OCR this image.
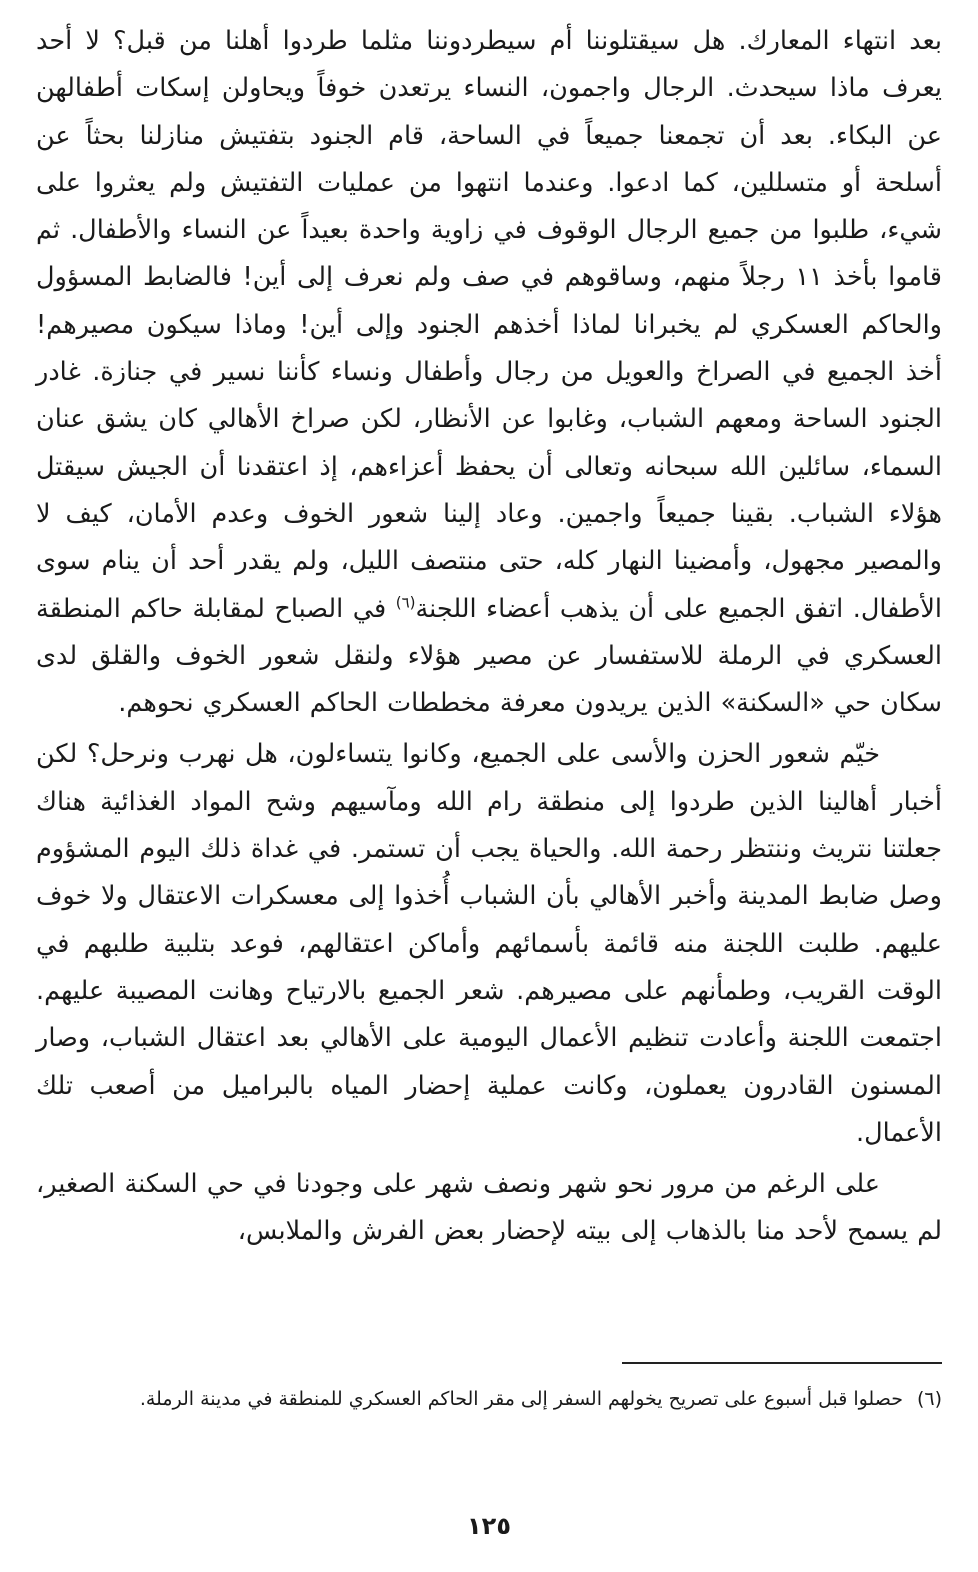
بعد انتهاء المعارك. هل سيقتلوننا أم سيطردوننا مثلما طردوا أهلنا من قبل؟ لا أحد يعرف ماذا سيحدث. الرجال واجمون، النساء يرتعدن خوفاً ويحاولن إسكات أطفالهن عن البكاء. بعد أن تجمعنا جميعاً في الساحة، قام الجنود بتفتيش منازلنا بحثاً عن أسلحة أو متسللين، كما ادعوا. وعندما انتهوا من عمليات التفتيش ولم يعثروا على شيء، طلبوا من جميع الرجال الوقوف في زاوية واحدة بعيداً عن النساء والأطفال. ثم قاموا بأخذ ١١ رجلاً منهم، وساقوهم في صف ولم نعرف إلى أين! فالضابط المسؤول والحاكم العسكري لم يخبرانا لماذا أخذهم الجنود وإلى أين! وماذا سيكون مصيرهم! أخذ الجميع في الصراخ والعويل من رجال وأطفال ونساء كأننا نسير في جنازة. غادر الجنود الساحة ومعهم الشباب، وغابوا عن الأنظار، لكن صراخ الأهالي كان يشق عنان السماء، سائلين الله سبحانه وتعالى أن يحفظ أعزاءهم، إذ اعتقدنا أن الجيش سيقتل هؤلاء الشباب. بقينا جميعاً واجمين. وعاد إلينا شعور الخوف وعدم الأمان، كيف لا والمصير مجهول، وأمضينا النهار كله، حتى منتصف الليل، ولم يقدر أحد أن ينام سوى الأطفال. اتفق الجميع على أن يذهب أعضاء اللجنة$^{(٦)}$ في الصباح لمقابلة حاكم المنطقة العسكري في الرملة للاستفسار عن مصير هؤلاء ولنقل شعور الخوف والقلق لدى سكان حي «السكنة» الذين يريدون معرفة مخططات الحاكم العسكري نحوهم.

خيّم شعور الحزن والأسى على الجميع، وكانوا يتساءلون، هل نهرب ونرحل؟ لكن أخبار أهالينا الذين طردوا إلى منطقة رام الله ومآسيهم وشح المواد الغذائية هناك جعلتنا نتريث وننتظر رحمة الله. والحياة يجب أن تستمر. في غداة ذلك اليوم المشؤوم وصل ضابط المدينة وأخبر الأهالي بأن الشباب أُخذوا إلى معسكرات الاعتقال ولا خوف عليهم. طلبت اللجنة منه قائمة بأسمائهم وأماكن اعتقالهم، فوعد بتلبية طلبهم في الوقت القريب، وطمأنهم على مصيرهم. شعر الجميع بالارتياح وهانت المصيبة عليهم. اجتمعت اللجنة وأعادت تنظيم الأعمال اليومية على الأهالي بعد اعتقال الشباب، وصار المسنون القادرون يعملون، وكانت عملية إحضار المياه بالبراميل من أصعب تلك الأعمال.

على الرغم من مرور نحو شهر ونصف شهر على وجودنا في حي السكنة الصغير، لم يسمح لأحد منا بالذهاب إلى بيته لإحضار بعض الفرش والملابس،

(٦)حصلوا قبل أسبوع على تصريح يخولهم السفر إلى مقر الحاكم العسكري للمنطقة في مدينة الرملة.
١٢٥
